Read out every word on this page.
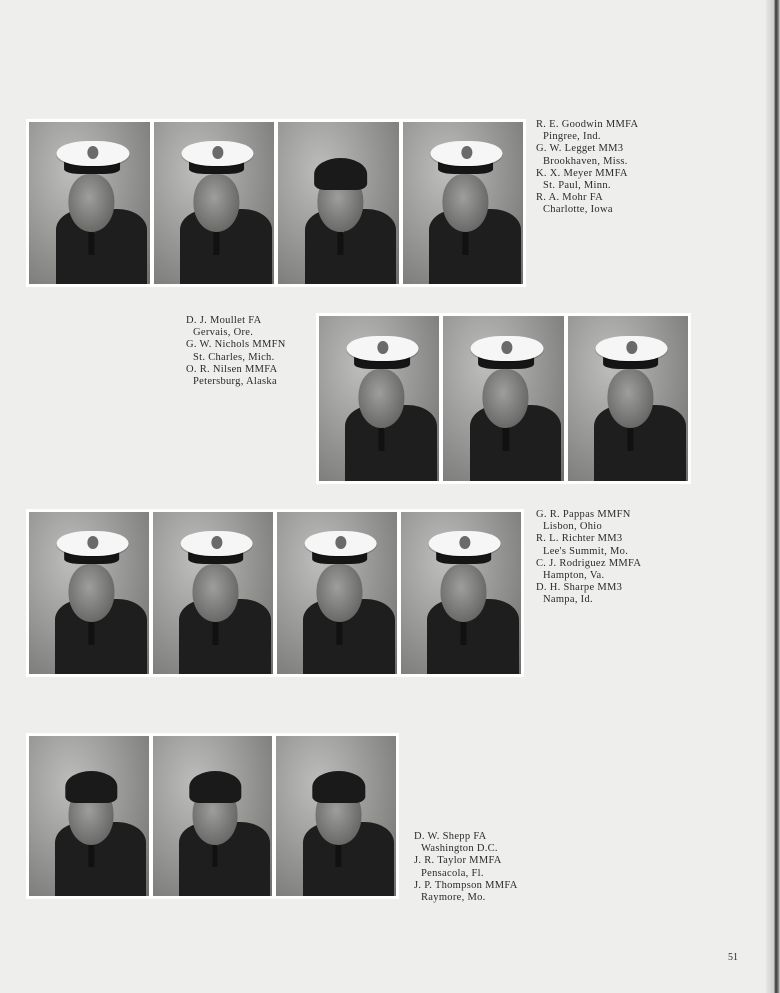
R. E. Goodwin MMFA
Pingree, Ind.
G. W. Legget MM3
Brookhaven, Miss.
K. X. Meyer MMFA
St. Paul, Minn.
R. A. Mohr FA
Charlotte, Iowa
D. J. Moullet FA
Gervais, Ore.
G. W. Nichols MMFN
St. Charles, Mich.
O. R. Nilsen MMFA
Petersburg, Alaska
G. R. Pappas MMFN
Lisbon, Ohio
R. L. Richter MM3
Lee's Summit, Mo.
C. J. Rodriguez MMFA
Hampton, Va.
D. H. Sharpe MM3
Nampa, Id.
D. W. Shepp FA
Washington D.C.
J. R. Taylor MMFA
Pensacola, Fl.
J. P. Thompson MMFA
Raymore, Mo.
51
